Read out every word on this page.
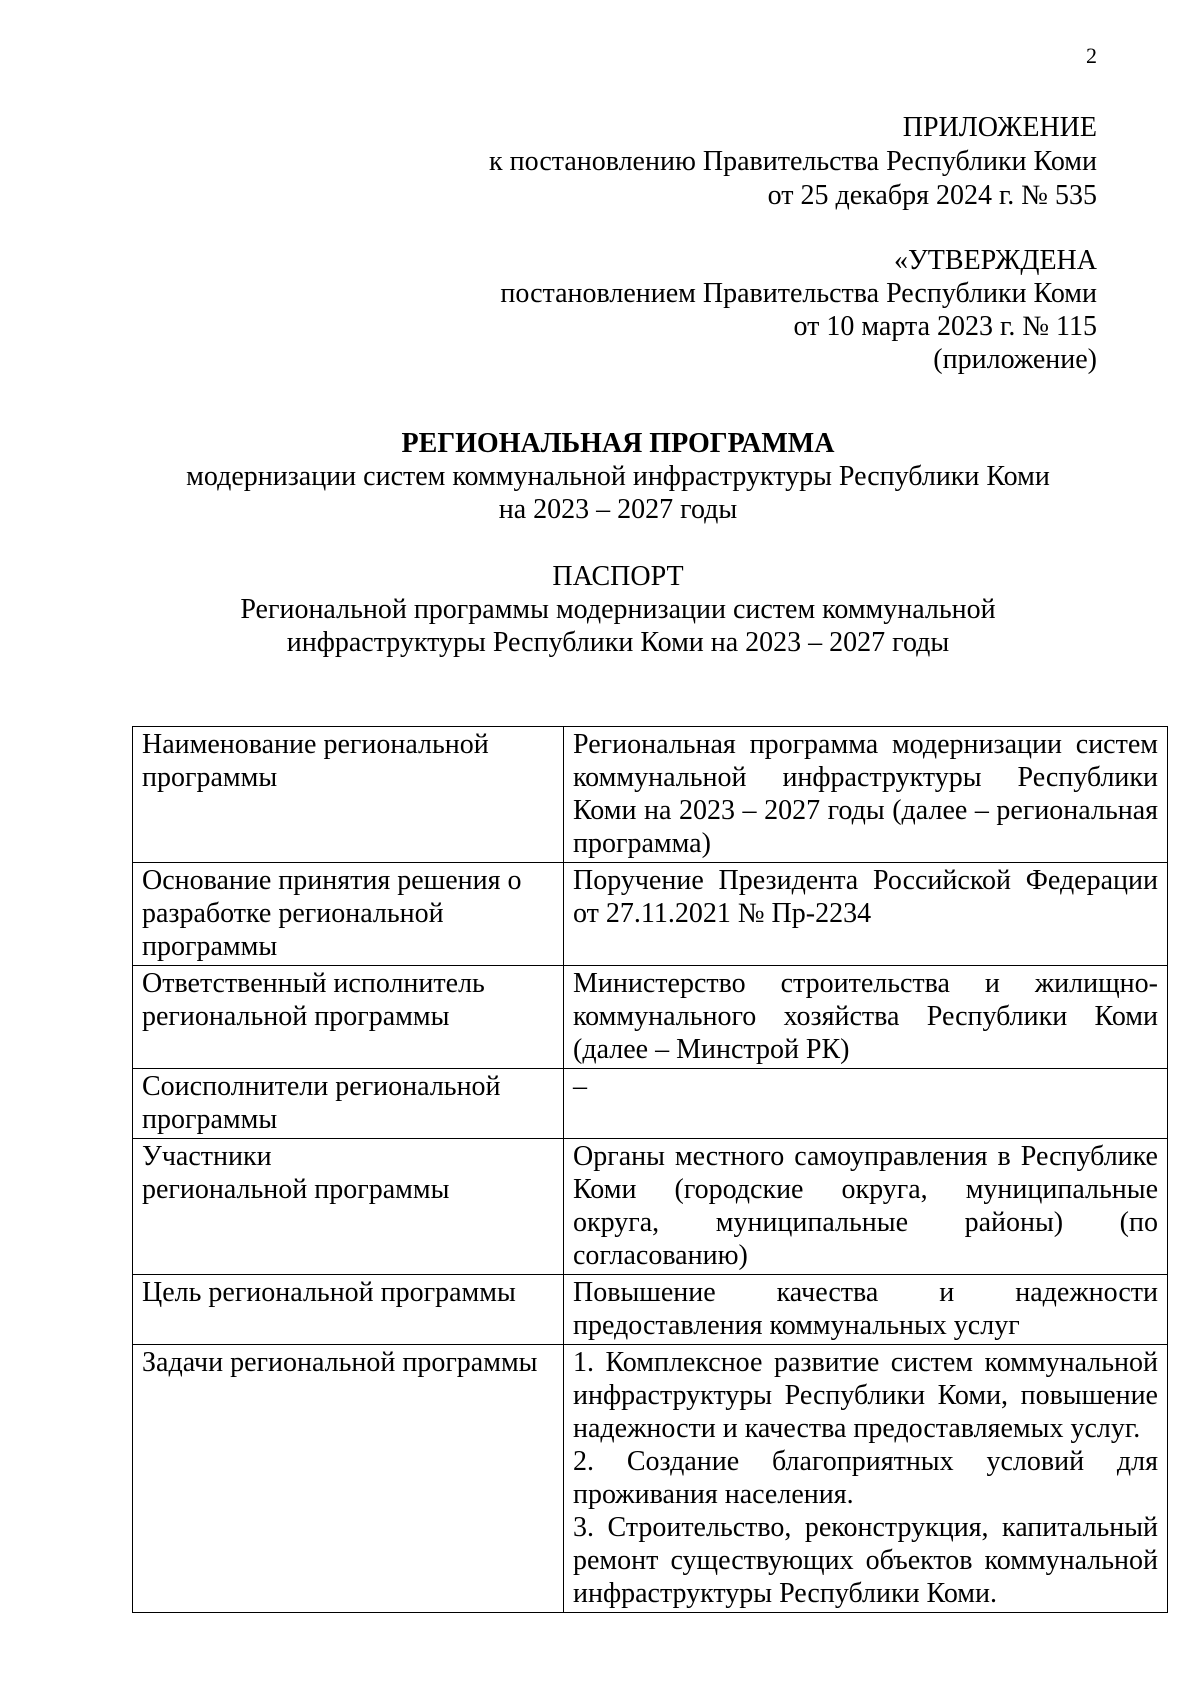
2
ПРИЛОЖЕНИЕ
к постановлению Правительства Республики Коми
от 25 декабря 2024 г. № 535
«УТВЕРЖДЕНА
постановлением Правительства Республики Коми
от 10 марта 2023 г. № 115
(приложение)
РЕГИОНАЛЬНАЯ ПРОГРАММА
модернизации систем коммунальной инфраструктуры Республики Коми
на 2023 – 2027 годы
ПАСПОРТ
Региональной программы модернизации систем коммунальной
инфраструктуры Республики Коми на 2023 – 2027 годы
Наименование региональной программы	Региональная программа модернизации систем коммунальной инфраструктуры Республики Коми на 2023 – 2027 годы (далее – региональная программа)
Основание принятия решения о разработке региональной программы	Поручение Президента Российской Федерации от 27.11.2021 № Пр-2234
Ответственный исполнитель региональной программы	Министерство строительства и жилищно-коммунального хозяйства Республики Коми (далее – Минстрой РК)
Соисполнители региональной программы	–

Участники
региональной программы	Органы местного самоуправления в Республике Коми (городские округа, муниципальные округа, муниципальные районы) (по согласованию)
Цель региональной программы	Повышение качества и надежности предоставления коммунальных услуг
Задачи региональной программы	1. Комплексное развитие систем коммунальной инфраструктуры Республики Коми, повышение надежности и качества предоставляемых услуг.
2. Создание благоприятных условий для проживания населения.
3. Строительство, реконструкция, капитальный ремонт существующих объектов коммунальной инфраструктуры Республики Коми.
